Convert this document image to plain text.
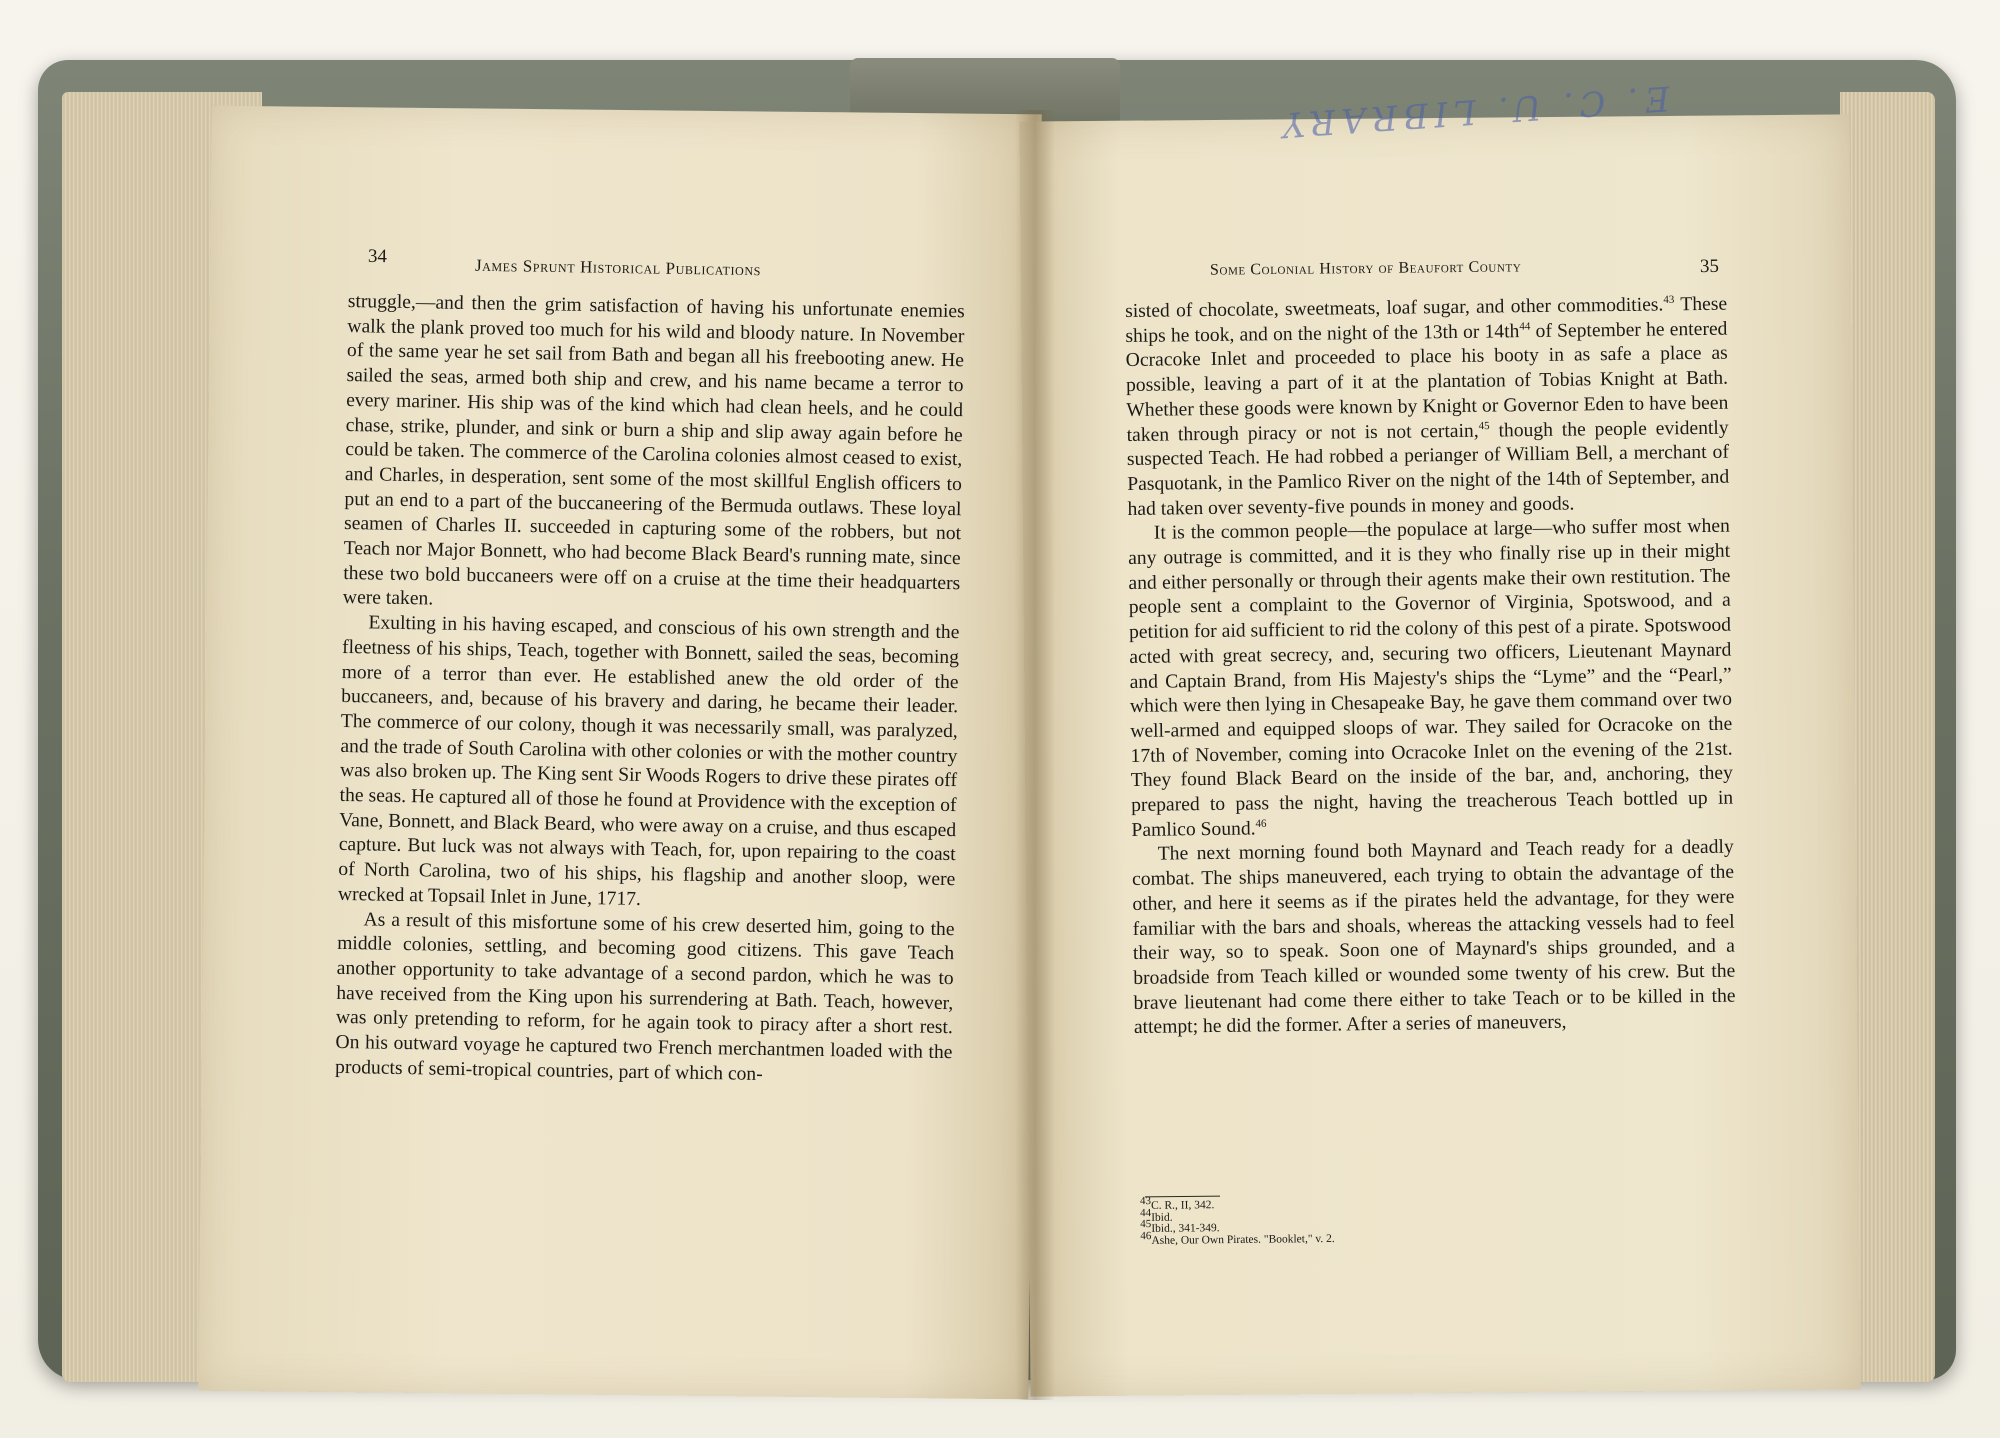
E. C. U. LIBRARY
34	James Sprunt Historical Publications	Some Colonial History of Beaufort County	35

struggle,—and then the grim satisfaction of having his unfortunate enemies walk the plank proved too much for his wild and bloody nature. In November of the same year he set sail from Bath and began all his freebooting anew. He sailed the seas, armed both ship and crew, and his name became a terror to every mariner. His ship was of the kind which had clean heels, and he could chase, strike, plunder, and sink or burn a ship and slip away again before he could be taken. The commerce of the Carolina colonies almost ceased to exist, and Charles, in desperation, sent some of the most skillful English officers to put an end to a part of the buccaneering of the Bermuda outlaws. These loyal seamen of Charles II. succeeded in capturing some of the robbers, but not Teach nor Major Bonnett, who had become Black Beard's running mate, since these two bold buccaneers were off on a cruise at the time their headquarters were taken.

Exulting in his having escaped, and conscious of his own strength and the fleetness of his ships, Teach, together with Bonnett, sailed the seas, becoming more of a terror than ever. He established anew the old order of the buccaneers, and, because of his bravery and daring, he became their leader. The commerce of our colony, though it was necessarily small, was paralyzed, and the trade of South Carolina with other colonies or with the mother country was also broken up. The King sent Sir Woods Rogers to drive these pirates off the seas. He captured all of those he found at Providence with the exception of Vane, Bonnett, and Black Beard, who were away on a cruise, and thus escaped capture. But luck was not always with Teach, for, upon repairing to the coast of North Carolina, two of his ships, his flagship and another sloop, were wrecked at Topsail Inlet in June, 1717.

As a result of this misfortune some of his crew deserted him, going to the middle colonies, settling, and becoming good citizens. This gave Teach another opportunity to take advantage of a second pardon, which he was to have received from the King upon his surrendering at Bath. Teach, however, was only pretending to reform, for he again took to piracy after a short rest. On his outward voyage he captured two French merchantmen loaded with the products of semi-tropical countries, part of which con-

sisted of chocolate, sweetmeats, loaf sugar, and other commodities.$^{43}$ These ships he took, and on the night of the 13th or $14th^{44}$ of September he entered Ocracoke Inlet and proceeded to place his booty in as safe a place as possible, leaving a part of it at the plantation of Tobias Knight at Bath. Whether these goods were known by Knight or Governor Eden to have been taken through piracy or not is not certain,$^{45}$ though the people evidently suspected Teach. He had robbed a perianger of William Bell, a merchant of Pasquotank, in the Pamlico River on the night of the 14th of September, and had taken over seventy-five pounds in money and goods.

It is the common people—the populace at large—who suffer most when any outrage is committed, and it is they who finally rise up in their might and either personally or through their agents make their own restitution. The people sent a complaint to the Governor of Virginia, Spotswood, and a petition for aid sufficient to rid the colony of this pest of a pirate. Spotswood acted with great secrecy, and, securing two officers, Lieutenant Maynard and Captain Brand, from His Majesty's ships the “Lyme” and the “Pearl,” which were then lying in Chesapeake Bay, he gave them command over two well-armed and equipped sloops of war. They sailed for Ocracoke on the 17th of November, coming into Ocracoke Inlet on the evening of the 21st. They found Black Beard on the inside of the bar, and, anchoring, they prepared to pass the night, having the treacherous Teach bottled up in Pamlico Sound.$^{46}$

The next morning found both Maynard and Teach ready for a deadly combat. The ships maneuvered, each trying to obtain the advantage of the other, and here it seems as if the pirates held the advantage, for they were familiar with the bars and shoals, whereas the attacking vessels had to feel their way, so to speak. Soon one of Maynard's ships grounded, and a broadside from Teach killed or wounded some twenty of his crew. But the brave lieutenant had come there either to take Teach or to be killed in the attempt; he did the former. After a series of maneuvers,

$^{43}$C. R., II, 342.

$^{44}$Ibid.

$^{45}$Ibid., 341-349.

$^{46}$Ashe, Our Own Pirates. "Booklet," v. 2.
